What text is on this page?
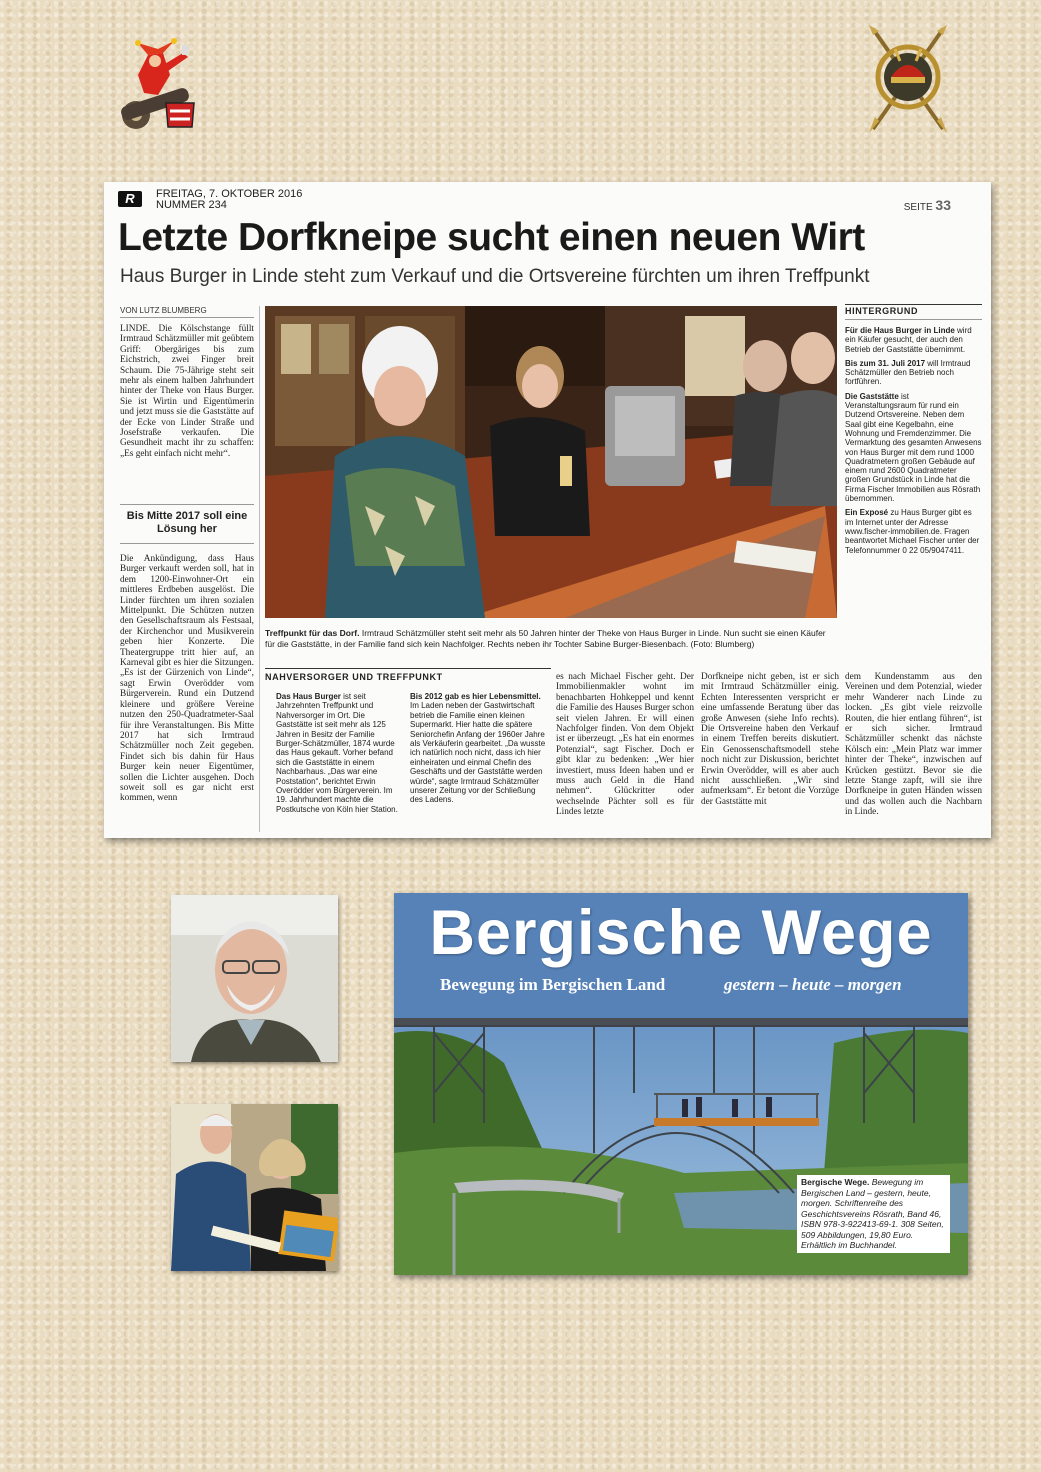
R	FREITAG, 7. OKTOBER 2016
NUMMER 234	SEITE 33
Letzte Dorfkneipe sucht einen neuen Wirt
Haus Burger in Linde steht zum Verkauf und die Ortsvereine fürchten um ihren Treffpunkt
VON LUTZ BLUMBERG
LINDE. Die Kölschstange füllt Irmtraud Schätzmüller mit geübtem Griff: Obergäriges bis zum Eichstrich, zwei Finger breit Schaum. Die 75-Jährige steht seit mehr als einem halben Jahrhundert hinter der Theke von Haus Burger. Sie ist Wirtin und Eigentümerin und jetzt muss sie die Gaststätte auf der Ecke von Linder Straße und Josefstraße verkaufen. Die Gesundheit macht ihr zu schaffen: „Es geht einfach nicht mehr“.
Bis Mitte 2017 soll eine Lösung her
Die Ankündigung, dass Haus Burger verkauft werden soll, hat in dem 1200-Einwohner-Ort ein mittleres Erdbeben ausgelöst. Die Linder fürchten um ihren sozialen Mittelpunkt. Die Schützen nutzen den Gesellschaftsraum als Festsaal, der Kirchenchor und Musikverein geben hier Konzerte. Die Theatergruppe tritt hier auf, an Karneval gibt es hier die Sitzungen. „Es ist der Gürzenich von Linde“, sagt Erwin Overödder vom Bürgerverein. Rund ein Dutzend kleinere und größere Vereine nutzen den 250-Quadratmeter-Saal für ihre Veranstaltungen. Bis Mitte 2017 hat sich Irmtraud Schätzmüller noch Zeit gegeben. Findet sich bis dahin für Haus Burger kein neuer Eigentümer, sollen die Lichter ausgehen. Doch soweit soll es gar nicht erst kommen, wenn
HINTERGRUND

Für die Haus Burger in Linde wird ein Käufer gesucht, der auch den Betrieb der Gaststätte übernimmt.

Bis zum 31. Juli 2017 will Irmtraud Schätzmüller den Betrieb noch fortführen.

Die Gaststätte ist Veranstaltungsraum für rund ein Dutzend Ortsvereine. Neben dem Saal gibt eine Kegelbahn, eine Wohnung und Fremdenzimmer. Die Vermarktung des gesamten Anwesens von Haus Burger mit dem rund 1000 Quadratmetern großen Gebäude auf einem rund 2600 Quadratmeter großen Grundstück in Linde hat die Firma Fischer Immobilien aus Rösrath übernommen.

Ein Exposé zu Haus Burger gibt es im Internet unter der Adresse www.fischer-immobilien.de. Fragen beantwortet Michael Fischer unter der Telefonnummer 0 22 05/9047411.

NAHVERSORGER UND TREFFPUNKT
Das Haus Burger ist seit Jahrzehnten Treffpunkt und Nahversorger im Ort. Die Gaststätte ist seit mehr als 125 Jahren in Besitz der Familie Burger-Schätzmüller, 1874 wurde das Haus gekauft. Vorher befand sich die Gaststätte in einem Nachbarhaus. „Das war eine Poststation“, berichtet Erwin Overödder vom Bürgerverein. Im 19. Jahrhundert machte die Postkutsche von Köln hier Station.
Bis 2012 gab es hier Lebensmittel. Im Laden neben der Gastwirtschaft betrieb die Familie einen kleinen Supermarkt. Hier hatte die spätere Seniorchefin Anfang der 1960er Jahre als Verkäuferin gearbeitet. „Da wusste ich natürlich noch nicht, dass ich hier einheiraten und einmal Chefin des Geschäfts und der Gaststätte werden würde“, sagte Irmtraud Schätzmüller unserer Zeitung vor der Schließung des Ladens.
es nach Michael Fischer geht. Der Immobilienmakler wohnt im benachbarten Hohkeppel und kennt die Familie des Hauses Burger schon seit vielen Jahren. Er will einen Nachfolger finden. Von dem Objekt ist er überzeugt. „Es hat ein enormes Potenzial“, sagt Fischer. Doch er gibt klar zu bedenken: „Wer hier investiert, muss Ideen haben und er muss auch Geld in die Hand nehmen“. Glückritter oder wechselnde Pächter soll es für Lindes letzte
Dorfkneipe nicht geben, ist er sich mit Irmtraud Schätzmüller einig. Echten Interessenten verspricht er eine umfassende Beratung über das große Anwesen (siehe Info rechts). Die Ortsvereine haben den Verkauf in einem Treffen bereits diskutiert. Ein Genossenschaftsmodell stehe noch nicht zur Diskussion, berichtet Erwin Overödder, will es aber auch nicht ausschließen. „Wir sind aufmerksam“. Er betont die Vorzüge der Gaststätte mit
dem Kundenstamm aus den Vereinen und dem Potenzial, wieder mehr Wanderer nach Linde zu locken. „Es gibt viele reizvolle Routen, die hier entlang führen“, ist er sich sicher. Irmtraud Schätzmüller schenkt das nächste Kölsch ein: „Mein Platz war immer hinter der Theke“, inzwischen auf Krücken gestützt. Bevor sie die letzte Stange zapft, will sie ihre Dorfkneipe in guten Händen wissen und das wollen auch die Nachbarn in Linde.
Treffpunkt für das Dorf. Irmtraud Schätzmüller steht seit mehr als 50 Jahren hinter der Theke von Haus Burger in Linde. Nun sucht sie einen Käufer für die Gaststätte, in der Familie fand sich kein Nachfolger. Rechts neben ihr Tochter Sabine Burger-Biesenbach. (Foto: Blumberg)
Bergische Wege
Bewegung im Bergischen Land	gestern – heute – morgen
Bergische Wege. Bewegung im Bergischen Land – gestern, heute, morgen. Schriftenreihe des Geschichtsvereins Rösrath, Band 46, ISBN 978-3-922413-69-1. 308 Seiten, 509 Abbildungen, 19,80 Euro. Erhältlich im Buchhandel.
